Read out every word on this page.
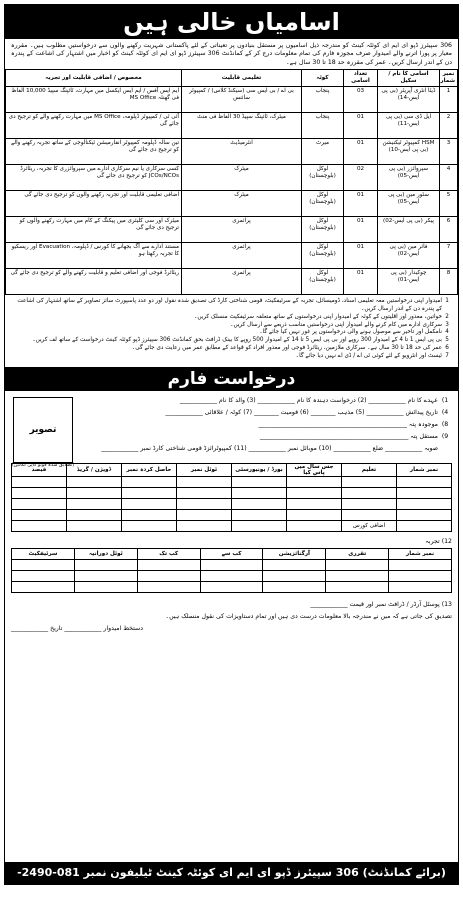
اسامیاں خالی ہیں
306 سپیئرز ڈپو ای ایم ای کوئٹہ کینٹ کو مندرجہ ذیل اسامیوں پر مستقل بنیادوں پر تعیناتی کے لئے پاکستانی شہریت رکھنے والوں سے درخواستیں مطلوب ہیں۔ مقررہ معیار پر پورا اترنے والے امیدوار صرف مجوزہ فارم کی تمام معلومات درج کر کے کمانڈنٹ 306 سپیئرز ڈپو ای ایم ای کوئٹہ کینٹ کو اخبار میں اشتہار کی اشاعت کے پندرہ دن کے اندر ارسال کریں۔ عمر کی مقررہ حد 18 تا 30 سال ہے۔
نمبر شمار	اسامی کا نام / سکیل	تعداد اسامی	کوٹہ	تعلیمی قابلیت	مخصوص / اضافی قابلیت اور تجربہ
1	ڈیٹا انٹری آپریٹر (بی پی ایس-14)	03	پنجاب	بی اے / بی ایس سی (سیکنڈ کلاس) / کمپیوٹر سائنس	ایم ایس آفس / ایم ایس ایکسل میں مہارت، ٹائپنگ سپیڈ 10,000 الفاظ فی گھنٹہ MS Office
2	ایل ڈی سی (بی پی ایس-11)	01	پنجاب	میٹرک، ٹائپنگ سپیڈ 30 الفاظ فی منٹ	آئی ٹی / کمپیوٹر ڈپلومہ، MS Office میں مہارت رکھنے والے کو ترجیح دی جائے گی
3	HSM کمپیوٹر ٹیکنیشن (بی پی ایس-10)	01	میرٹ	انٹرمیڈیٹ	تین سالہ ڈپلومہ کمپیوٹر انفارمیشن ٹیکنالوجی کے ساتھ تجربہ رکھنے والے کو ترجیح دی جائے گی
4	سپروائزر (بی پی ایس-05)	02	لوکل (بلوچستان)	میٹرک	کسی سرکاری یا نیم سرکاری ادارے میں سپروائزری کا تجربہ، ریٹائرڈ JCOs/NCOs کو ترجیح دی جائے گی
5	سٹور مین (بی پی ایس-05)	01	لوکل (بلوچستان)	میٹرک	اضافی تعلیمی قابلیت اور تجربہ رکھنے والوں کو ترجیح دی جائے گی
6	پیکر (بی پی ایس-02)	01	لوکل (بلوچستان)	پرائمری	میٹرک اور سی کلیئری میں پیکنگ کے کام میں مہارت رکھنے والوں کو ترجیح دی جائے گی
7	فائر مین (بی پی ایس-02)	01	لوکل (بلوچستان)	پرائمری	مستند ادارے سے آگ بجھانے کا کورس / ڈپلومہ، Evacuation اور ریسکیو کا تجربہ رکھتا ہو
8	چوکیدار (بی پی ایس-01)	01	لوکل (بلوچستان)	پرائمری	ریٹائرڈ فوجی اور اضافی تعلیم و قابلیت رکھنے والے کو ترجیح دی جائے گی
1
امیدوار اپنی درخواستیں معہ تعلیمی اسناد، ڈومیسائل، تجربہ کے سرٹیفکیٹ، قومی شناختی کارڈ کی تصدیق شدہ نقول اور دو عدد پاسپورٹ سائز تصاویر کے ساتھ اشتہار کی اشاعت کے پندرہ دن کے اندر ارسال کریں۔
2
خواتین، معذور اور اقلیتوں کے کوٹہ کے امیدوار اپنی درخواستوں کے ساتھ متعلقہ سرٹیفکیٹ منسلک کریں۔
3
سرکاری ادارے میں کام کرنے والے امیدوار اپنی درخواستیں مناسب ذریعے سے ارسال کریں۔
4
نامکمل اور تاخیر سے موصول ہونے والی درخواستوں پر غور نہیں کیا جائے گا۔
5
بی پی ایس 1 تا 4 کے امیدوار 300 روپے اور بی پی ایس 5 تا 14 کے امیدوار 500 روپے کا بینک ڈرافٹ بحق کمانڈنٹ 306 سپیئرز ڈپو کوئٹہ کینٹ درخواست کے ساتھ لف کریں۔
6
عمر کی حد 18 تا 30 سال ہے۔ سرکاری ملازمین، ریٹائرڈ فوجی اور معذور افراد کو قواعد کے مطابق عمر میں رعایت دی جائے گی۔
7
ٹیسٹ اور انٹرویو کے لئے کوئی ٹی اے / ڈی اے نہیں دیا جائے گا۔
درخواست فارم
تصویر
(تصدیق شدہ فوٹو کاپی لگائیں)
1)عہدے کا نام ____________ (2) درخواست دہندہ کا نام ____________ (3) والد کا نام ____________
4)تاریخ پیدائش ____________ (5) مذہب ________ (6) قومیت ________ (7) کوٹہ / علاقائی ____________
8)موجودہ پتہ ________________________________________________
9)مستقل پتہ ________________________________________________
صوبہ ____________ ضلع ____________ (10) موبائل نمبر ____________ (11) کمپیوٹرائزڈ قومی شناختی کارڈ نمبر ____________
نمبر شمار	تعلیم	جس سال میں پاس کیا	بورڈ / یونیورسٹی	ٹوٹل نمبر	حاصل کردہ نمبر	ڈویژن / گریڈ	فیصد

	اضافی کورس						
12) تجربہ
نمبر شمار	تقرری	آرگنائزیشن	کب سے	کب تک	ٹوٹل دورانیہ	سرٹیفکیٹ

13) پوسٹل آرڈر / ڈرافٹ نمبر اور قیمت ____________
تصدیق کی جاتی ہے کہ میں نے مندرجہ بالا معلومات درست دی ہیں اور تمام دستاویزات کی نقول منسلک ہیں۔
دستخط امیدوار ____________ تاریخ ____________
(برائے کمانڈنٹ) 306 سپیئرز ڈپو ای ایم ای کوئٹہ کینٹ ٹیلیفون نمبر 081-2490-33733
